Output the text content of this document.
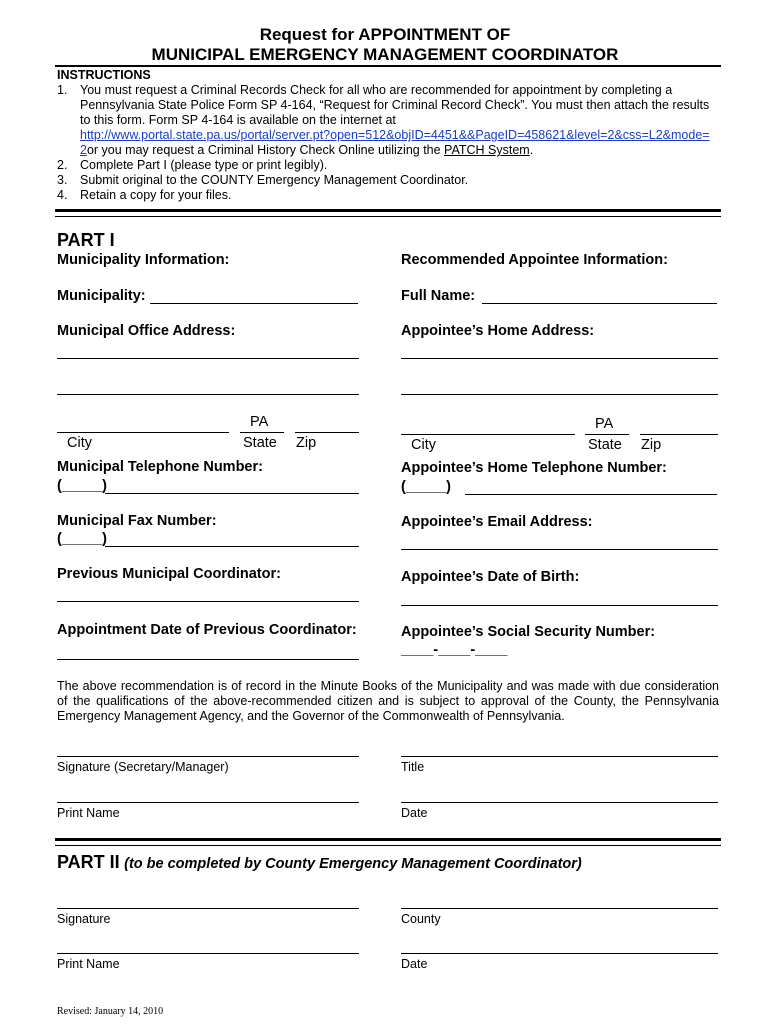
Request for APPOINTMENT OF
MUNICIPAL EMERGENCY MANAGEMENT COORDINATOR
INSTRUCTIONS
1. You must request a Criminal Records Check for all who are recommended for appointment by completing a
Pennsylvania State Police Form SP 4-164, “Request for Criminal Record Check”. You must then attach the results
to this form. Form SP 4-164 is available on the internet at
http://www.portal.state.pa.us/portal/server.pt?open=512&objID=4451&&PageID=458621&level=2&css=L2&mode=
2or you may request a Criminal History Check Online utilizing the PATCH System.
2. Complete Part I (please type or print legibly).
3. Submit original to the COUNTY Emergency Management Coordinator.
4. Retain a copy for your files.
PART I
Municipality Information:	Recommended Appointee Information:
Municipality:	Full Name:
Municipal Office Address:	Appointee’s Home Address:
PA
City	State Zip
PA
City	State Zip
Municipal Telephone Number:
(_____)
Appointee’s Home Telephone Number:
(_____)
Municipal Fax Number:
(_____)
Appointee’s Email Address:
Previous Municipal Coordinator:	Appointee’s Date of Birth:
Appointment Date of Previous Coordinator:	Appointee’s Social Security Number:
____-____-____
The above recommendation is of record in the Minute Books of the Municipality and was made with due consideration of the qualifications of the above-recommended citizen and is subject to approval of the County, the Pennsylvania Emergency Management Agency, and the Governor of the Commonwealth of Pennsylvania.
Signature (Secretary/Manager)	Title
Print Name	Date
PART II (to be completed by County Emergency Management Coordinator)
Signature	County
Print Name	Date
Revised: January 14, 2010
